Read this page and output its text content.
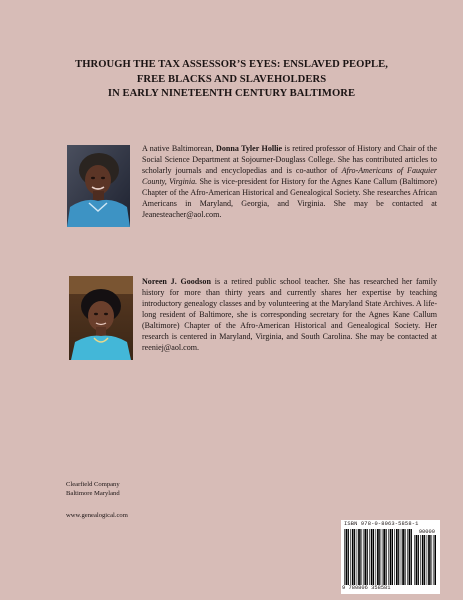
THROUGH THE TAX ASSESSOR’S EYES: ENSLAVED PEOPLE,
FREE BLACKS AND SLAVEHOLDERS
IN EARLY NINETEENTH CENTURY BALTIMORE
A native Baltimorean, Donna Tyler Hollie is retired professor of History and Chair of the Social Science Department at Sojourner-Douglass College. She has contributed articles to scholarly journals and encyclopedias and is co-author of Afro-Americans of Fauquier County, Virginia. She is vice-president for History for the Agnes Kane Callum (Baltimore) Chapter of the Afro-American Historical and Genealogical Society. She researches African Americans in Maryland, Georgia, and Virginia. She may be contacted at Jeanesteacher@aol.com.
Noreen J. Goodson is a retired public school teacher. She has researched her family history for more than thirty years and currently shares her expertise by teaching introductory genealogy classes and by volunteering at the Maryland State Archives. A life-long resident of Baltimore, she is corresponding secretary for the Agnes Kane Callum (Baltimore) Chapter of the Afro-American Historical and Genealogical Society. Her research is centered in Maryland, Virginia, and South Carolina. She may be contacted at reeniej@aol.com.
Clearfield Company
Baltimore Maryland
www.genealogical.com
ISBN 978-0-8063-5858-1
90000
9 780806 358581
